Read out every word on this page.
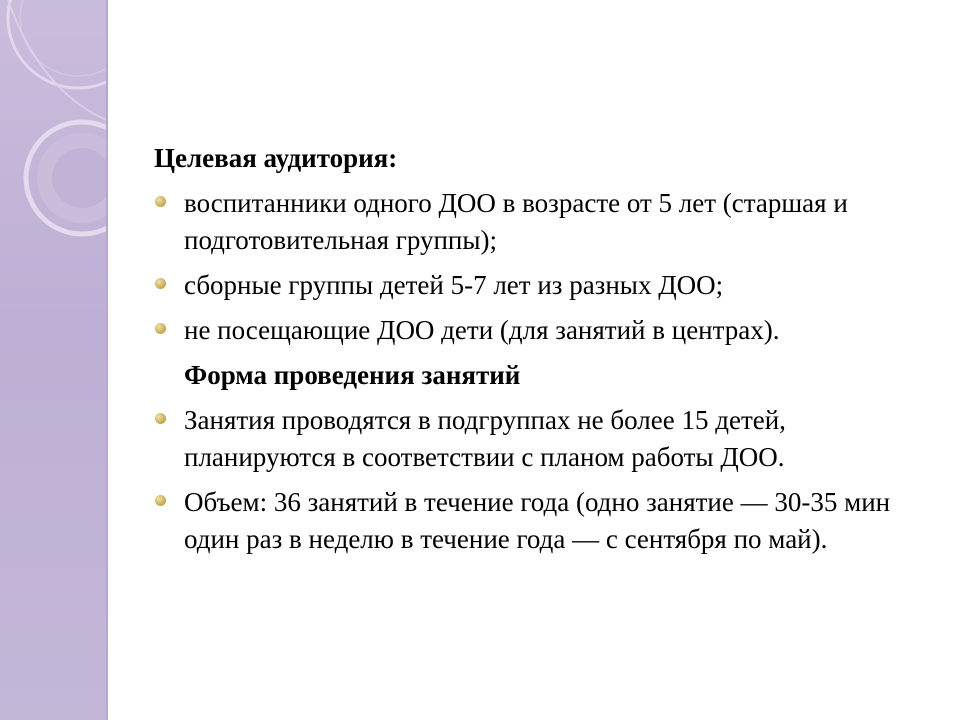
Целевая аудитория:
воспитанники одного ДОО в возрасте от 5 лет (старшая и подготовительная группы);
сборные группы детей 5-7 лет из разных ДОО;
не посещающие ДОО дети (для занятий в центрах).
Форма проведения занятий
Занятия проводятся в подгруппах не более 15 детей, планируются в соответствии с планом работы ДОО.
Объем: 36 занятий в течение года (одно занятие — 30-35 мин один раз в неделю в течение года — с сентября по май).
